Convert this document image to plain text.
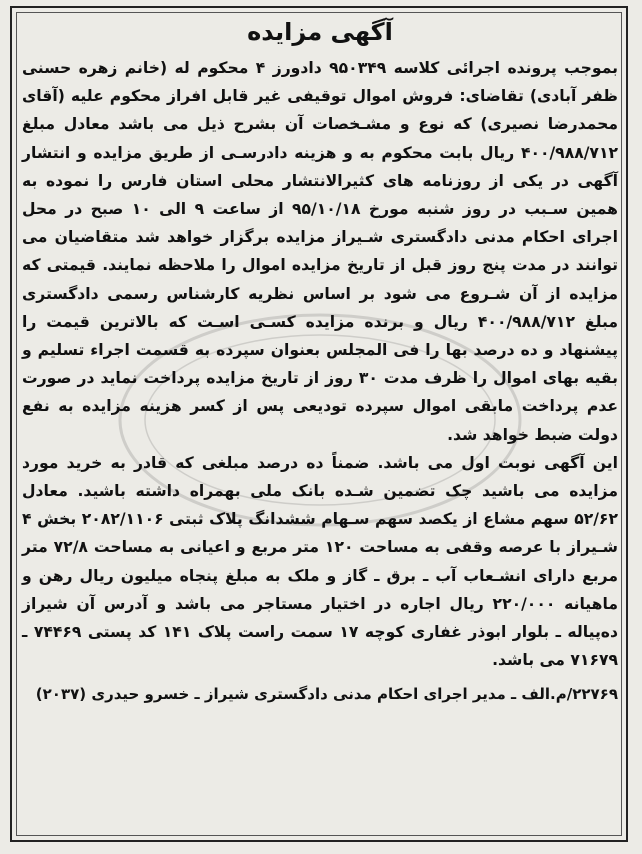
آگهی مزایده

بموجب پرونده اجرائی کلاسه ۹۵۰۳۴۹ دادورز ۴ محکوم له (خانم زهره حسنی ظفر آبادی) تقاضای: فروش اموال توقیفی غیر قابل افراز محکوم علیه (آقای محمدرضا نصیری) که نوع و مشـخصات آن بشرح ذیل می باشد معادل مبلغ ۴۰۰/۹۸۸/۷۱۲ ریال بابت محکوم به و هزینه دادرسـی از طریق مزایده و انتشار آگهی در یکی از روزنامه های کثیرالانتشار محلی استان فارس را نموده به همین سـبب در روز شنبه مورخ ۹۵/۱۰/۱۸ از ساعت ۹ الی ۱۰ صبح در محل اجرای احکام مدنی دادگستری شـیراز مزایده برگزار خواهد شد متقاضیان می توانند در مدت پنج روز قبل از تاریخ مزایده اموال را ملاحظه نمایند. قیمتی که مزایده از آن شـروع می شود بر اساس نظریه کارشناس رسمی دادگستری مبلغ ۴۰۰/۹۸۸/۷۱۲ ریال و برنده مزایده کسـی اسـت که بالاترین قیمت را پیشنهاد و ده درصد بها را فی المجلس بعنوان سپرده به قسمت اجراء تسلیم و بقیه بهای اموال را ظرف مدت ۳۰ روز از تاریخ مزایده پرداخت نماید در صورت عدم پرداخت مابقی اموال سپرده تودیعی پس از کسر هزینه مزایده به نفع دولت ضبط خواهد شد.

این آگهی نوبت اول می باشد. ضمناً ده درصد مبلغی که قادر به خرید مورد مزایده می باشید چک تضمین شـده بانک ملی بهمراه داشته باشید. معادل ۵۲/۶۲ سهم مشاع از یکصد سهم سـهام ششدانگ پلاک ثبتی ۲۰۸۲/۱۱۰۶ بخش ۴ شـیراز با عرصه وقفی به مساحت ۱۲۰ متر مربع و اعیانی به مساحت ۷۲/۸ متر مربع دارای انشـعاب آب ـ برق ـ گاز و ملک به مبلغ پنجاه میلیون ریال رهن و ماهیانه ۲۲۰/۰۰۰ ریال اجاره در اختیار مستاجر می باشد و آدرس آن شیراز ده‌پیاله ـ بلوار ابوذر غفاری کوچه ۱۷ سمت راست پلاک ۱۴۱ کد پستی ۷۴۴۶۹ ـ ۷۱۶۷۹ می باشد.

۲۲۷۶۹/م.الف ـ مدیر اجرای احکام مدنی دادگستری شیراز ـ خسرو حیدری (۲۰۳۷)
